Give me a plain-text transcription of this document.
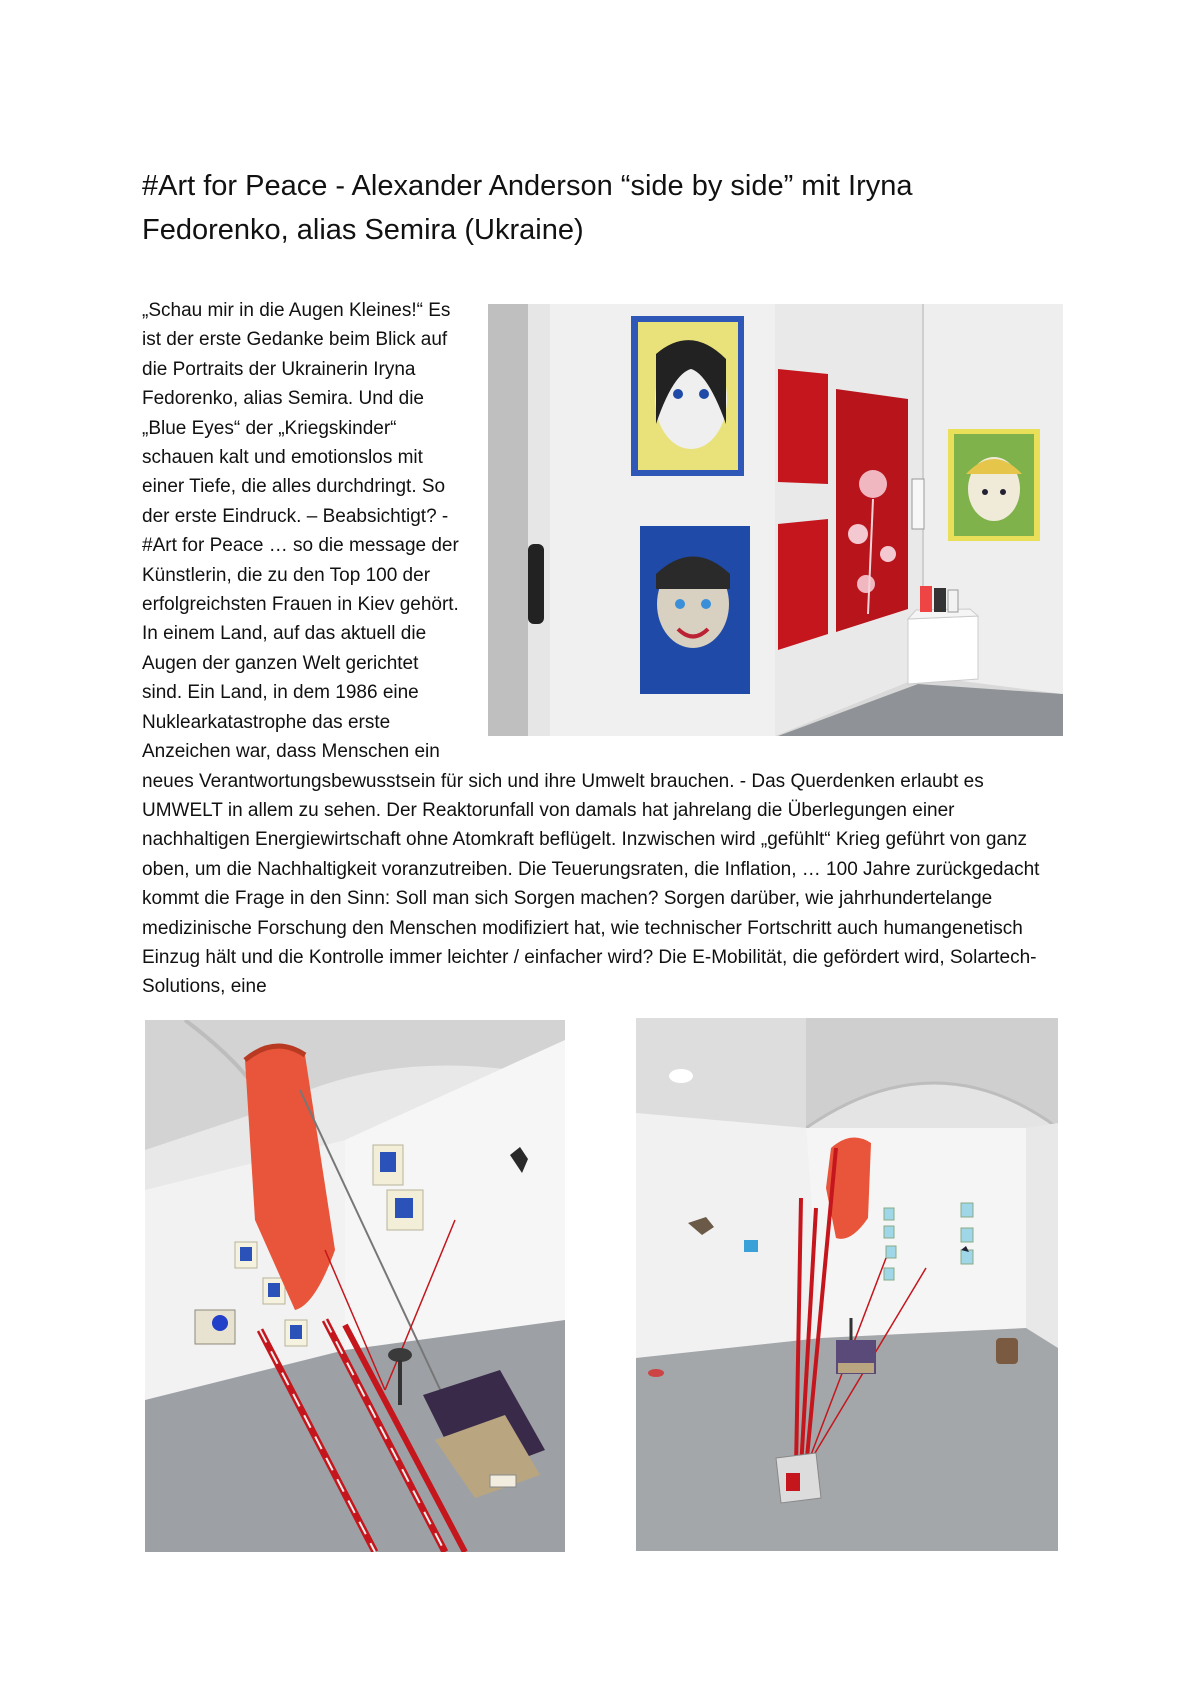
#Art for Peace - Alexander Anderson “side by side” mit Iryna Fedorenko, alias Semira (Ukraine)

„Schau mir in die Augen Kleines!“ Es ist der erste Gedanke beim Blick auf die Portraits der Ukrainerin Iryna Fedorenko, alias Semira. Und die „Blue Eyes“ der „Kriegskinder“ schauen kalt und emotionslos mit einer Tiefe, die alles durchdringt. So der erste Eindruck. – Beabsichtigt? - #Art for Peace … so die message der Künstlerin, die zu den Top 100 der erfolgreichsten Frauen in Kiev gehört. In einem Land, auf das aktuell die Augen der ganzen Welt gerichtet sind. Ein Land, in dem 1986 eine Nuklearkatastrophe das erste Anzeichen war, dass Menschen ein neues Verantwortungsbewusstsein für sich und ihre Umwelt brauchen. - Das Querdenken erlaubt es UMWELT in allem zu sehen. Der Reaktorunfall von damals hat jahrelang die Überlegungen einer nachhaltigen Energiewirtschaft ohne Atomkraft beflügelt. Inzwischen wird „gefühlt“ Krieg geführt von ganz oben, um die Nachhaltigkeit voranzutreiben. Die Teuerungsraten, die Inflation, … 100 Jahre zurückgedacht kommt die Frage in den Sinn: Soll man sich Sorgen machen? Sorgen darüber, wie jahrhundertelange medizinische Forschung den Menschen modifiziert hat, wie technischer Fortschritt auch humangenetisch Einzug hält und die Kontrolle immer leichter / einfacher wird? Die E-Mobilität, die gefördert wird, Solartech-Solutions, eine
